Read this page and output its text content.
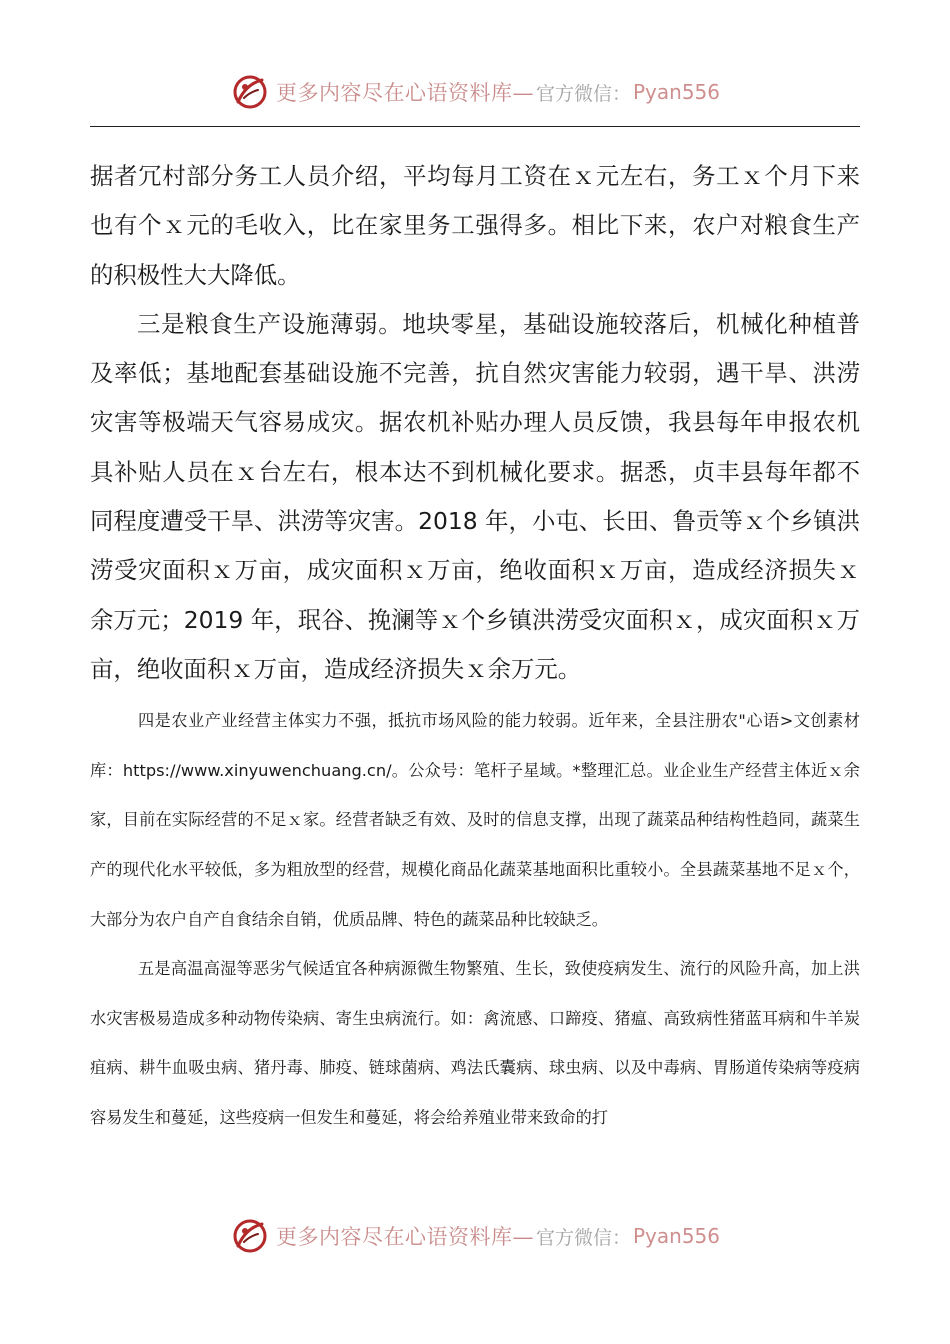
更多内容尽在心语资料库— 官方微信： Pyan556

据者冗村部分务工人员介绍，平均每月工资在ｘ元左右，务工ｘ个月下来也有个ｘ元的毛收入，比在家里务工强得多。相比下来，农户对粮食生产的积极性大大降低。

三是粮食生产设施薄弱。地块零星，基础设施较落后，机械化种植普及率低；基地配套基础设施不完善，抗自然灾害能力较弱，遇干旱、洪涝灾害等极端天气容易成灾。据农机补贴办理人员反馈，我县每年申报农机具补贴人员在ｘ台左右，根本达不到机械化要求。据悉，贞丰县每年都不同程度遭受干旱、洪涝等灾害。2018 年，小屯、长田、鲁贡等ｘ个乡镇洪涝受灾面积ｘ万亩，成灾面积ｘ万亩，绝收面积ｘ万亩，造成经济损失ｘ余万元；2019 年，珉谷、挽澜等ｘ个乡镇洪涝受灾面积ｘ，成灾面积ｘ万亩，绝收面积ｘ万亩，造成经济损失ｘ余万元。

四是农业产业经营主体实力不强，抵抗市场风险的能力较弱。近年来，全县注册农"心语>文创素材库：https://www.xinyuwenchuang.cn/。公众号：笔杆子星域。*整理汇总。业企业生产经营主体近ｘ余家，目前在实际经营的不足ｘ家。经营者缺乏有效、及时的信息支撑，出现了蔬菜品种结构性趋同，蔬菜生产的现代化水平较低，多为粗放型的经营，规模化商品化蔬菜基地面积比重较小。全县蔬菜基地不足ｘ个，大部分为农户自产自食结余自销，优质品牌、特色的蔬菜品种比较缺乏。

五是高温高湿等恶劣气候适宜各种病源微生物繁殖、生长，致使疫病发生、流行的风险升高，加上洪水灾害极易造成多种动物传染病、寄生虫病流行。如：禽流感、口蹄疫、猪瘟、高致病性猪蓝耳病和牛羊炭疽病、耕牛血吸虫病、猪丹毒、肺疫、链球菌病、鸡法氏囊病、球虫病、以及中毒病、胃肠道传染病等疫病容易发生和蔓延，这些疫病一但发生和蔓延，将会给养殖业带来致命的打

更多内容尽在心语资料库— 官方微信： Pyan556
